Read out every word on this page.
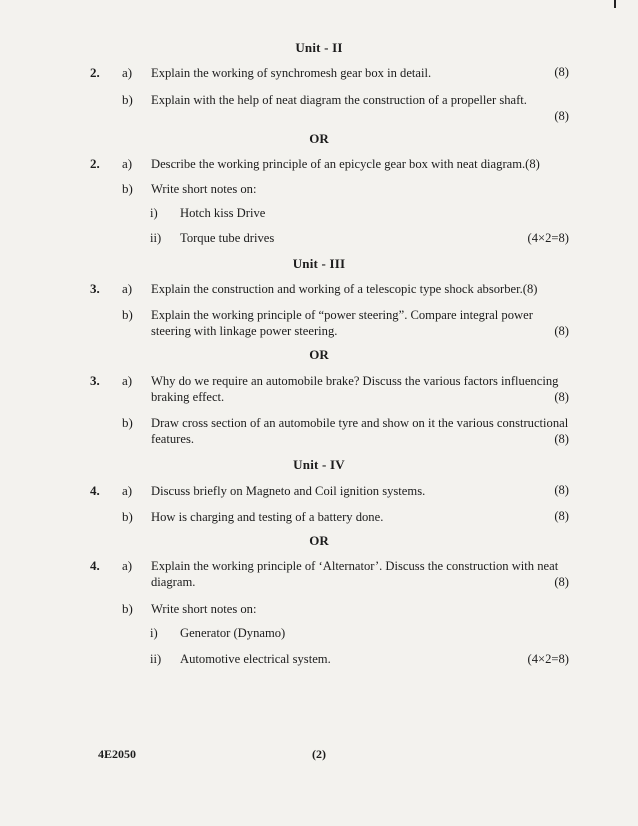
Unit - II
2. a) Explain the working of synchromesh gear box in detail.	(8)
b) Explain with the help of neat diagram the construction of a propeller shaft.
(8)
OR
2. a) Describe the working principle of an epicycle gear box with neat diagram.(8)
b) Write short notes on:
i) Hotch kiss Drive
ii) Torque tube drives	(4×2=8)
Unit - III
3. a) Explain the construction and working of a telescopic type shock absorber.(8)
b) Explain the working principle of “power steering”. Compare integral power steering with linkage power steering.	(8)
OR
3. a) Why do we require an automobile brake? Discuss the various factors influencing braking effect.	(8)
b) Draw cross section of an automobile tyre and show on it the various constructional features.	(8)
Unit - IV
4. a) Discuss briefly on Magneto and Coil ignition systems.	(8)
b) How is charging and testing of a battery done.	(8)
OR
4. a) Explain the working principle of ‘Alternator’. Discuss the construction with neat diagram.	(8)
b) Write short notes on:
i) Generator (Dynamo)
ii) Automotive electrical system.	(4×2=8)
4E2050	(2)
